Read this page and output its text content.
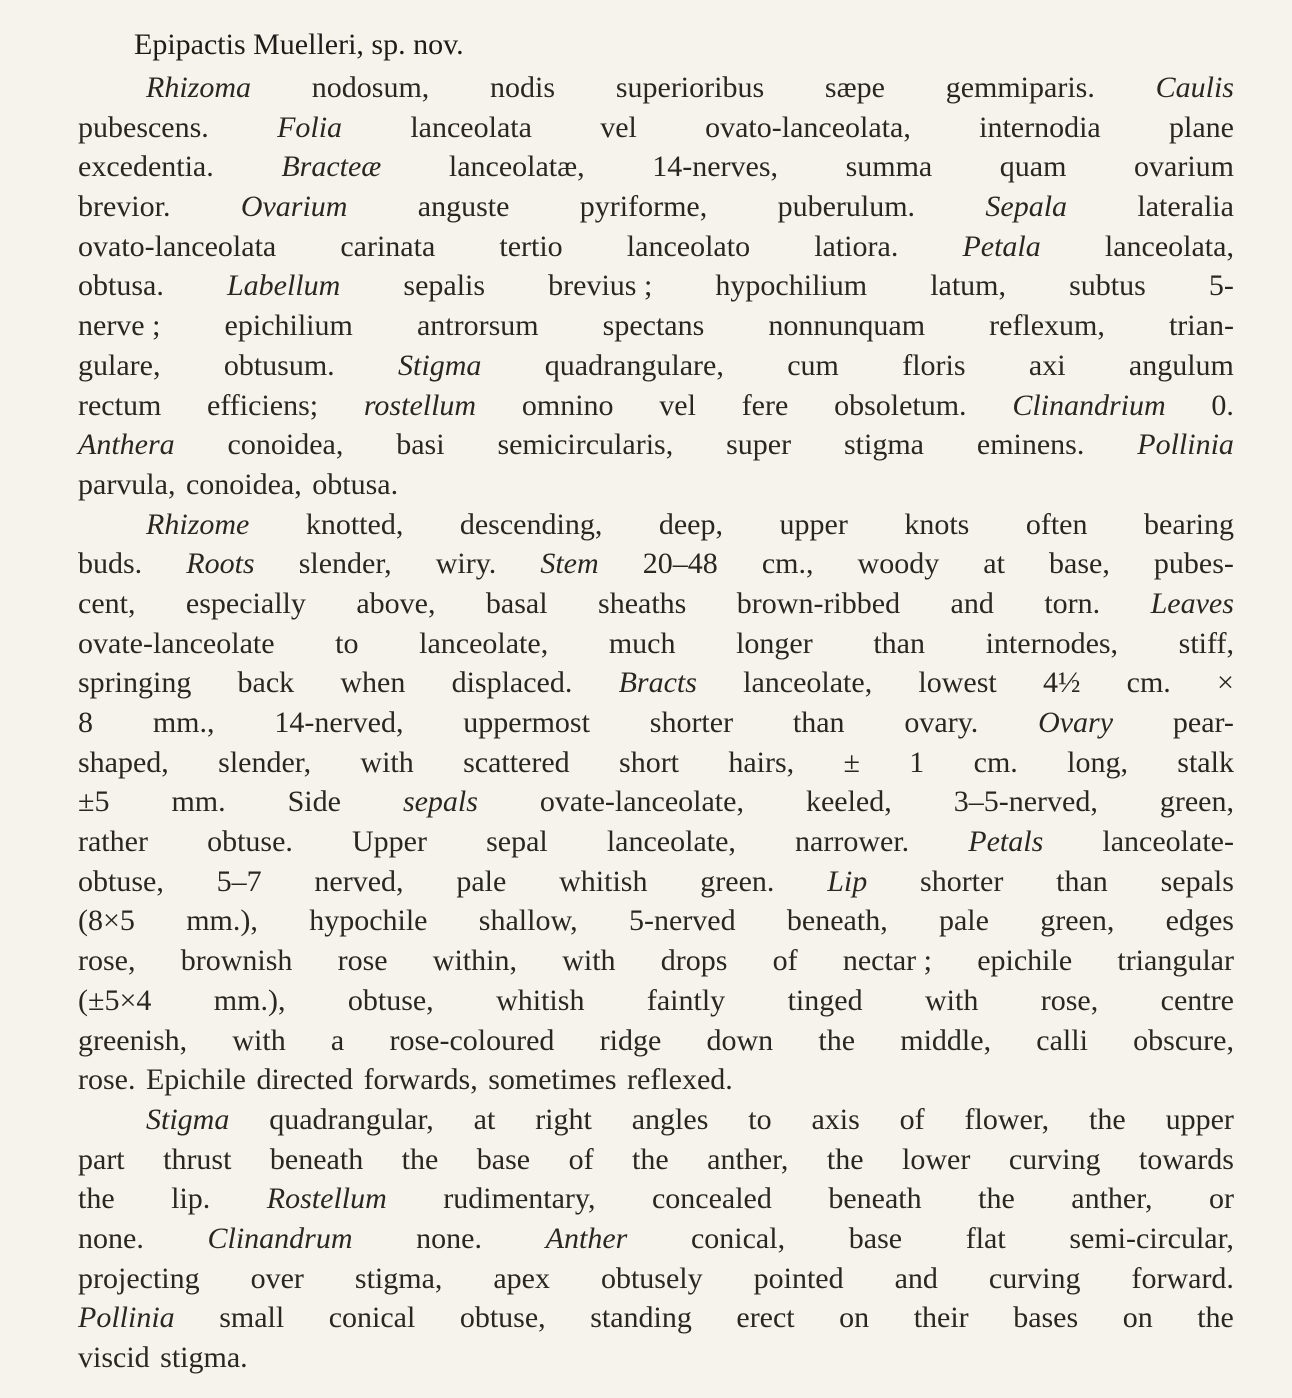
Epipactis Muelleri, sp. nov.
Rhizoma nodosum, nodis superioribus sæpe gemmiparis. Caulis
pubescens. Folia lanceolata vel ovato-lanceolata, internodia plane
excedentia. Bracteæ lanceolatæ, 14-nerves, summa quam ovarium
brevior. Ovarium anguste pyriforme, puberulum. Sepala lateralia
ovato-lanceolata carinata tertio lanceolato latiora. Petala lanceolata,
obtusa. Labellum sepalis brevius ; hypochilium latum, subtus 5-
nerve ; epichilium antrorsum spectans nonnunquam reflexum, trian-
gulare, obtusum. Stigma quadrangulare, cum floris axi angulum
rectum efficiens; rostellum omnino vel fere obsoletum. Clinandrium 0.
Anthera conoidea, basi semicircularis, super stigma eminens. Pollinia
parvula, conoidea, obtusa.
Rhizome knotted, descending, deep, upper knots often bearing
buds. Roots slender, wiry. Stem 20–48 cm., woody at base, pubes-
cent, especially above, basal sheaths brown-ribbed and torn. Leaves
ovate-lanceolate to lanceolate, much longer than internodes, stiff,
springing back when displaced. Bracts lanceolate, lowest 4½ cm. ×
8 mm., 14-nerved, uppermost shorter than ovary. Ovary pear-
shaped, slender, with scattered short hairs, ± 1 cm. long, stalk
±5 mm. Side sepals ovate-lanceolate, keeled, 3–5-nerved, green,
rather obtuse. Upper sepal lanceolate, narrower. Petals lanceolate-
obtuse, 5–7 nerved, pale whitish green. Lip shorter than sepals
(8×5 mm.), hypochile shallow, 5-nerved beneath, pale green, edges
rose, brownish rose within, with drops of nectar ; epichile triangular
(±5×4 mm.), obtuse, whitish faintly tinged with rose, centre
greenish, with a rose-coloured ridge down the middle, calli obscure,
rose. Epichile directed forwards, sometimes reflexed.
Stigma quadrangular, at right angles to axis of flower, the upper
part thrust beneath the base of the anther, the lower curving towards
the lip. Rostellum rudimentary, concealed beneath the anther, or
none. Clinandrum none. Anther conical, base flat semi-circular,
projecting over stigma, apex obtusely pointed and curving forward.
Pollinia small conical obtuse, standing erect on their bases on the
viscid stigma.
